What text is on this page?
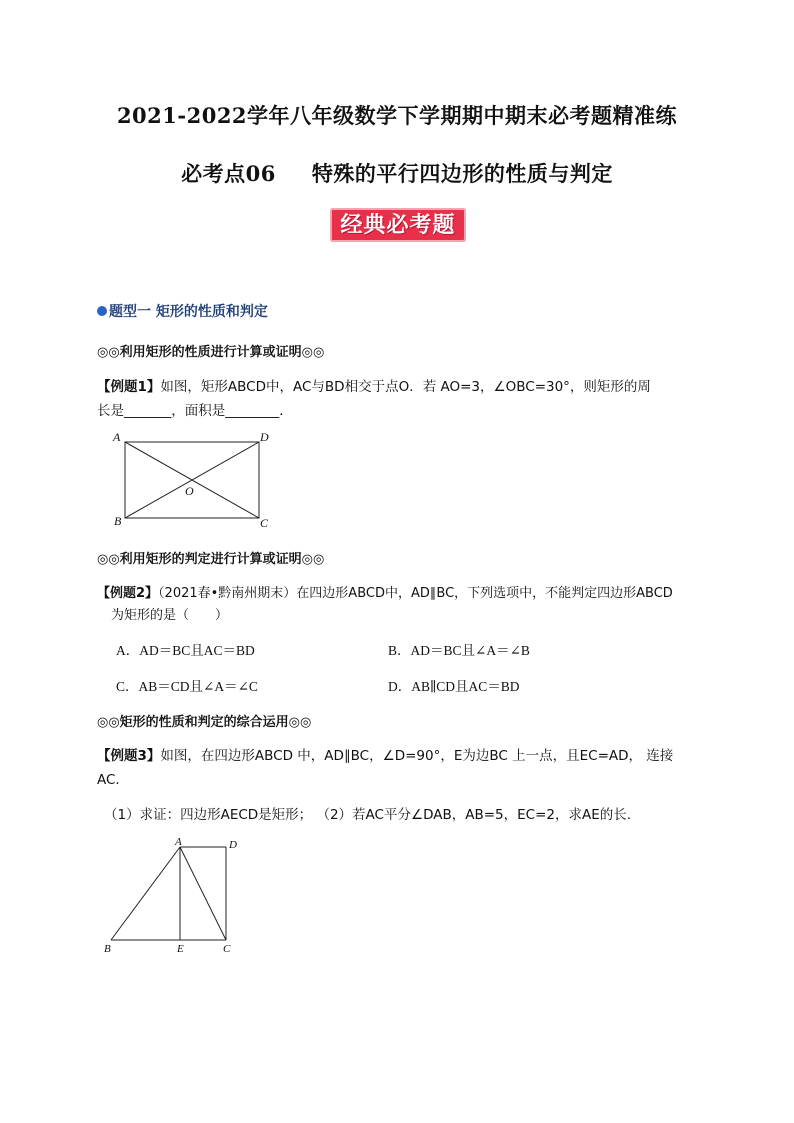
2021-2022学年八年级数学下学期期中期末必考题精准练
必考点06 特殊的平行四边形的性质与判定
经典必考题
题型一 矩形的性质和判定
◎◎利用矩形的性质进行计算或证明◎◎
【例题1】如图，矩形ABCD中，AC与BD相交于点O．若 AO=3，∠OBC=30°，则矩形的周
长是_______，面积是________．
A	D
B	C
O
◎◎利用矩形的判定进行计算或证明◎◎
【例题2】（2021春•黔南州期末）在四边形ABCD中，AD∥BC，下列选项中，不能判定四边形ABCD
为矩形的是（　　）
A．AD＝BC且AC＝BD	B．AD＝BC且∠A＝∠B
C．AB＝CD且∠A＝∠C	D．AB∥CD且AC＝BD
◎◎矩形的性质和判定的综合运用◎◎
【例题3】如图，在四边形ABCD 中，AD∥BC，∠D=90°，E为边BC 上一点，且EC=AD， 连接
AC．
（1）求证：四边形AECD是矩形； （2）若AC平分∠DAB，AB=5，EC=2，求AE的长.
A	D
B	E	C
